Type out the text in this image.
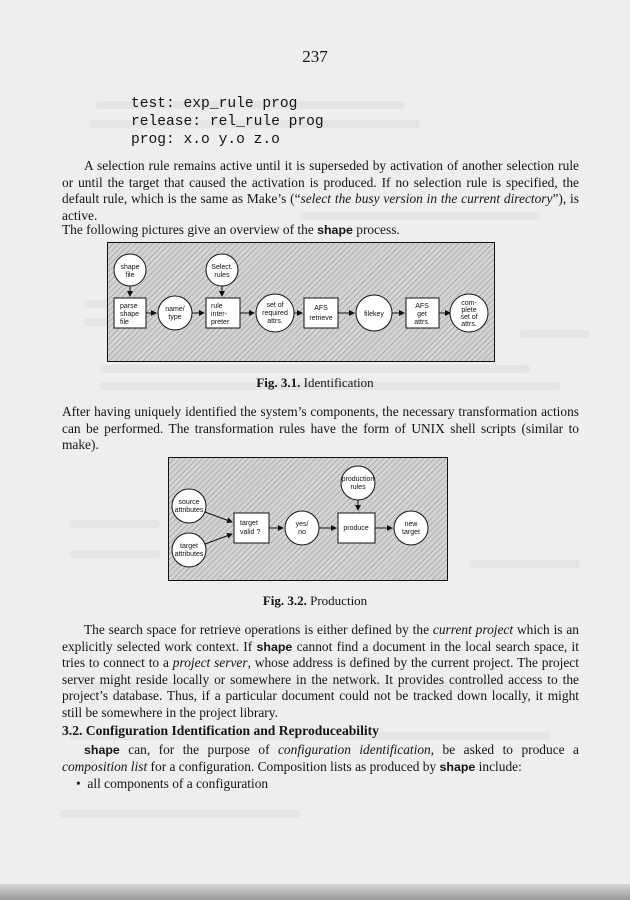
237
test: exp_rule prog
release: rel_rule prog
prog: x.o y.o z.o

A selection rule remains active until it is superseded by activation of another selection rule or until the target that caused the activation is produced. If no selection rule is specified, the default rule, which is the same as Make’s (“select the busy version in the current directory”), is active.

The following pictures give an overview of the shape process.

shape
file
Select.
rules
parse
shape
file
name/
type
rule
inter-
preter
set of
required
attrs.
AFS
retrieve
filekey
AFS
get
attrs.
com-
plete
set of
attrs.
Fig. 3.1. Identification

After having uniquely identified the system’s components, the necessary transformation actions can be performed. The transformation rules have the form of UNIX shell scripts (similar to make).

source
attributes
target
attributes
target
valid ?
yes/
no
production
rules
produce
new
target
Fig. 3.2. Production

The search space for retrieve operations is either defined by the current project which is an explicitly selected work context. If shape cannot find a document in the local search space, it tries to connect to a project server, whose address is defined by the current project. The project server might reside locally or somewhere in the network. It provides controlled access to the project’s database. Thus, if a particular document could not be tracked down locally, it might still be somewhere in the project library.

3.2. Configuration Identification and Reproduceability

shape can, for the purpose of configuration identification, be asked to produce a composition list for a configuration. Composition lists as produced by shape include:

• all components of a configuration
